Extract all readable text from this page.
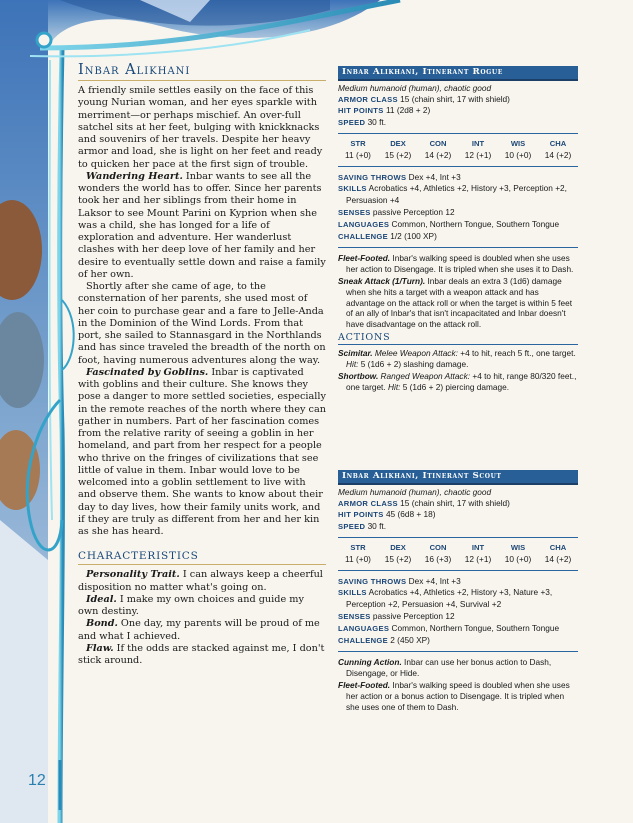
Inbar Alikhani

A friendly smile settles easily on the face of this young Nurian woman, and her eyes sparkle with merriment—or perhaps mischief. An over-full satchel sits at her feet, bulging with knickknacks and souvenirs of her travels. Despite her heavy armor and load, she is light on her feet and ready to quicken her pace at the first sign of trouble.

Wandering Heart. Inbar wants to see all the wonders the world has to offer. Since her parents took her and her siblings from their home in Laksor to see Mount Parini on Kyprion when she was a child, she has longed for a life of exploration and adventure. Her wanderlust clashes with her deep love of her family and her desire to eventually settle down and raise a family of her own.

Shortly after she came of age, to the consternation of her parents, she used most of her coin to purchase gear and a fare to Jelle-Anda in the Dominion of the Wind Lords. From that port, she sailed to Stannasgard in the Northlands and has since traveled the breadth of the north on foot, having numerous adventures along the way.

Fascinated by Goblins. Inbar is captivated with goblins and their culture. She knows they pose a danger to more settled societies, especially in the remote reaches of the north where they can gather in numbers. Part of her fascination comes from the relative rarity of seeing a goblin in her homeland, and part from her respect for a people who thrive on the fringes of civilizations that see little of value in them. Inbar would love to be welcomed into a goblin settlement to live with and observe them. She wants to know about their day to day lives, how their family units work, and if they are truly as different from her and her kin as she has heard.

CHARACTERISTICS

Personality Trait. I can always keep a cheerful disposition no matter what's going on.

Ideal. I make my own choices and guide my own destiny.

Bond. One day, my parents will be proud of me and what I achieved.

Flaw. If the odds are stacked against me, I don't stick around.

Inbar Alikhani, Itinerant Rogue
Medium humanoid (human), chaotic good

ARMOR CLASS 15 (chain shirt, 17 with shield)

HIT POINTS 11 (2d8 + 2)

SPEED 30 ft.

STR
11 (+0)
DEX
15 (+2)
CON
14 (+2)
INT
12 (+1)
WIS
10 (+0)
CHA
14 (+2)

SAVING THROWS Dex +4, Int +3

SKILLS Acrobatics +4, Athletics +2, History +3, Perception +2, Persuasion +4

SENSES passive Perception 12

LANGUAGES Common, Northern Tongue, Southern Tongue

CHALLENGE 1/2 (100 XP)

Fleet-Footed. Inbar's walking speed is doubled when she uses her action to Disengage. It is tripled when she uses it to Dash.

Sneak Attack (1/Turn). Inbar deals an extra 3 (1d6) damage when she hits a target with a weapon attack and has advantage on the attack roll or when the target is within 5 feet of an ally of Inbar's that isn't incapacitated and Inbar doesn't have disadvantage on the attack roll.

ACTIONS

Scimitar. Melee Weapon Attack: +4 to hit, reach 5 ft., one target. Hit: 5 (1d6 + 2) slashing damage.

Shortbow. Ranged Weapon Attack: +4 to hit, range 80/320 feet., one target. Hit: 5 (1d6 + 2) piercing damage.

Inbar Alikhani, Itinerant Scout
Medium humanoid (human), chaotic good

ARMOR CLASS 15 (chain shirt, 17 with shield)

HIT POINTS 45 (6d8 + 18)

SPEED 30 ft.

STR
11 (+0)
DEX
15 (+2)
CON
16 (+3)
INT
12 (+1)
WIS
10 (+0)
CHA
14 (+2)

SAVING THROWS Dex +4, Int +3

SKILLS Acrobatics +4, Athletics +2, History +3, Nature +3, Perception +2, Persuasion +4, Survival +2

SENSES passive Perception 12

LANGUAGES Common, Northern Tongue, Southern Tongue

CHALLENGE 2 (450 XP)

Cunning Action. Inbar can use her bonus action to Dash, Disengage, or Hide.

Fleet-Footed. Inbar's walking speed is doubled when she uses her action or a bonus action to Disengage. It is tripled when she uses one of them to Dash.

12
